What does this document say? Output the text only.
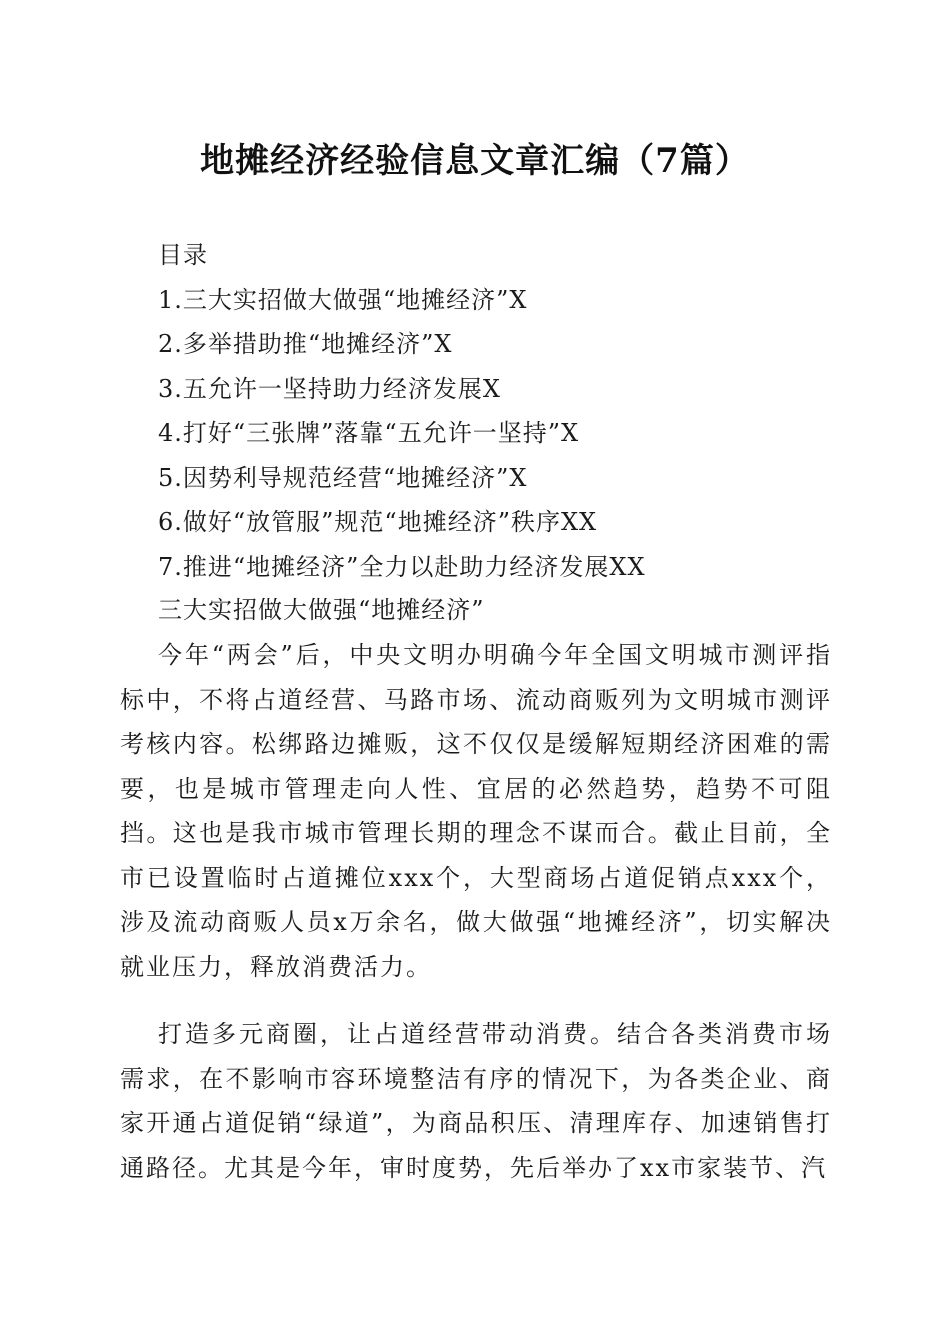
地摊经济经验信息文章汇编（7篇）
目录
1.三大实招做大做强“地摊经济”X
2.多举措助推“地摊经济”X
3.五允许一坚持助力经济发展X
4.打好“三张牌”落靠“五允许一坚持”X
5.因势利导规范经营“地摊经济”X
6.做好“放管服”规范“地摊经济”秩序XX
7.推进“地摊经济”全力以赴助力经济发展XX
三大实招做大做强“地摊经济”

今年“两会”后，中央文明办明确今年全国文明城市测评指标中，不将占道经营、马路市场、流动商贩列为文明城市测评考核内容。松绑路边摊贩，这不仅仅是缓解短期经济困难的需要，也是城市管理走向人性、宜居的必然趋势，趋势不可阻挡。这也是我市城市管理长期的理念不谋而合。截止目前，全市已设置临时占道摊位xxx个，大型商场占道促销点xxx个，涉及流动商贩人员x万余名，做大做强“地摊经济”，切实解决就业压力，释放消费活力。

打造多元商圈，让占道经营带动消费。结合各类消费市场需求，在不影响市容环境整洁有序的情况下，为各类企业、商家开通占道促销“绿道”，为商品积压、清理库存、加速销售打通路径。尤其是今年，审时度势，先后举办了xx市家装节、汽
